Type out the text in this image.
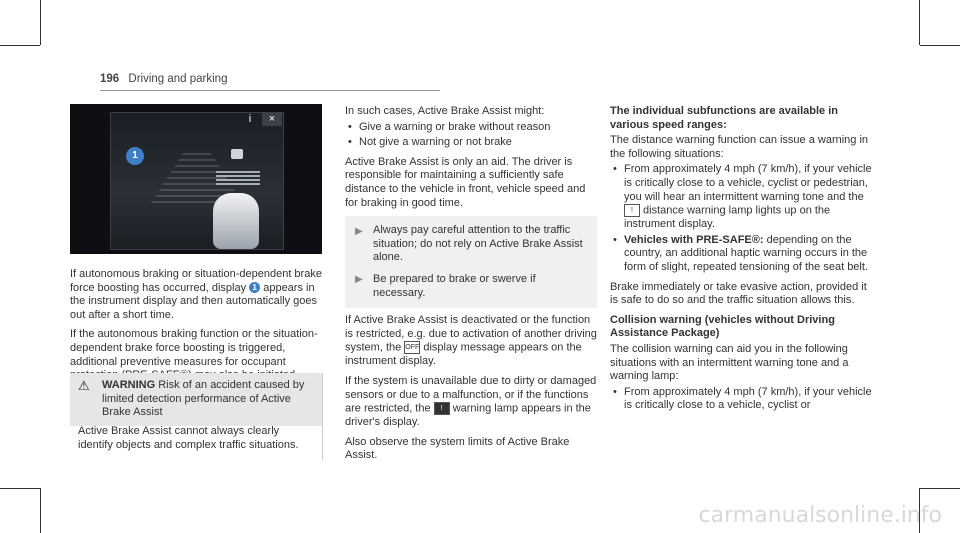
196 Driving and parking
i	×
1

If autonomous braking or situation-dependent brake force boosting has occurred, display 1 appears in the instrument display and then automatically goes out after a short time.

If the autonomous braking function or the situation-dependent brake force boosting is triggered, additional preventive measures for occupant

⚠ WARNING Risk of an accident caused by limited detection performance of Active Brake Assist
Active Brake Assist cannot always clearly identify objects and complex traffic situations.

In such cases, Active Brake Assist might:

• Give a warning or brake without reason
• Not give a warning or not brake

Active Brake Assist is only an aid. The driver is responsible for maintaining a sufficiently safe distance to the vehicle in front, vehicle speed and for braking in good time.

▶ Always pay careful attention to the traffic situation; do not rely on Active Brake Assist alone.
▶ Be prepared to brake or swerve if necessary.

If Active Brake Assist is deactivated or the function is restricted, e.g. due to activation of another driving system, the OFF display message appears on the instrument display.

If the system is unavailable due to dirty or damaged sensors or due to a malfunction, or if the functions are restricted, the ! warning lamp appears in the driver's display.

Also observe the system limits of Active Brake Assist.

The individual subfunctions are available in various speed ranges:

The distance warning function can issue a warning in the following situations:

• From approximately 4 mph (7 km/h), if your vehicle is critically close to a vehicle, cyclist or pedestrian, you will hear an intermittent warning tone and the ! distance warning lamp lights up on the instrument display.
• Vehicles with PRE-SAFE®: depending on the country, an additional haptic warning occurs in the form of slight, repeated tensioning of the seat belt.

Brake immediately or take evasive action, provided it is safe to do so and the traffic situation allows this.

Collision warning (vehicles without Driving Assistance Package)

The collision warning can aid you in the following situations with an intermittent warning tone and a warning lamp:

• From approximately 4 mph (7 km/h), if your vehicle is critically close to a vehicle, cyclist or
carmanualsonline.info
